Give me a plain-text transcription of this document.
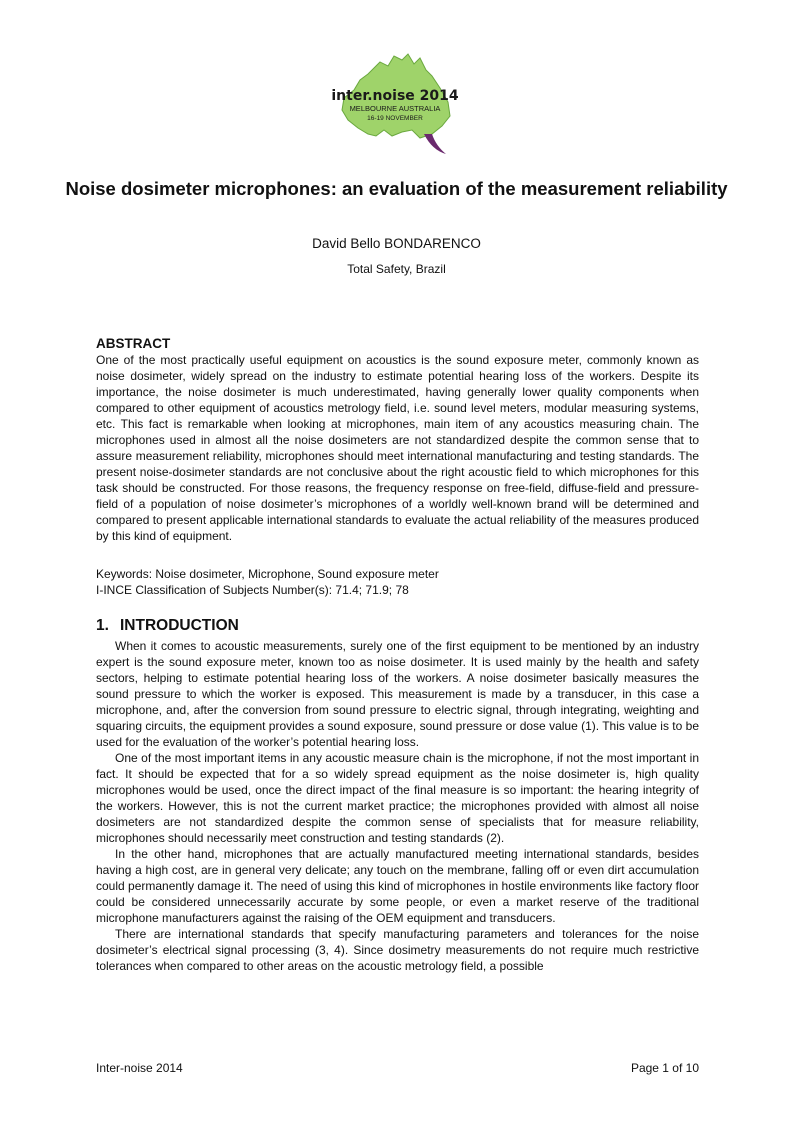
inter.noise 2014
MELBOURNE AUSTRALIA
16-19 NOVEMBER
Noise dosimeter microphones: an evaluation of the measurement reliability
David Bello BONDARENCO
Total Safety, Brazil
ABSTRACT

One of the most practically useful equipment on acoustics is the sound exposure meter, commonly known as noise dosimeter, widely spread on the industry to estimate potential hearing loss of the workers. Despite its importance, the noise dosimeter is much underestimated, having generally lower quality components when compared to other equipment of acoustics metrology field, i.e. sound level meters, modular measuring systems, etc. This fact is remarkable when looking at microphones, main item of any acoustics measuring chain. The microphones used in almost all the noise dosimeters are not standardized despite the common sense that to assure measurement reliability, microphones should meet international manufacturing and testing standards. The present noise-dosimeter standards are not conclusive about the right acoustic field to which microphones for this task should be constructed. For those reasons, the frequency response on free-field, diffuse-field and pressure-field of a population of noise dosimeter’s microphones of a worldly well-known brand will be determined and compared to present applicable international standards to evaluate the actual reliability of the measures produced by this kind of equipment.

Keywords: Noise dosimeter, Microphone, Sound exposure meter

I-INCE Classification of Subjects Number(s): 71.4; 71.9; 78

1. INTRODUCTION

When it comes to acoustic measurements, surely one of the first equipment to be mentioned by an industry expert is the sound exposure meter, known too as noise dosimeter. It is used mainly by the health and safety sectors, helping to estimate potential hearing loss of the workers. A noise dosimeter basically measures the sound pressure to which the worker is exposed. This measurement is made by a transducer, in this case a microphone, and, after the conversion from sound pressure to electric signal, through integrating, weighting and squaring circuits, the equipment provides a sound exposure, sound pressure or dose value (1). This value is to be used for the evaluation of the worker’s potential hearing loss.

One of the most important items in any acoustic measure chain is the microphone, if not the most important in fact. It should be expected that for a so widely spread equipment as the noise dosimeter is, high quality microphones would be used, once the direct impact of the final measure is so important: the hearing integrity of the workers. However, this is not the current market practice; the microphones provided with almost all noise dosimeters are not standardized despite the common sense of specialists that for measure reliability, microphones should necessarily meet construction and testing standards (2).

In the other hand, microphones that are actually manufactured meeting international standards, besides having a high cost, are in general very delicate; any touch on the membrane, falling off or even dirt accumulation could permanently damage it. The need of using this kind of microphones in hostile environments like factory floor could be considered unnecessarily accurate by some people, or even a market reserve of the traditional microphone manufacturers against the raising of the OEM equipment and transducers.

There are international standards that specify manufacturing parameters and tolerances for the noise dosimeter’s electrical signal processing (3, 4). Since dosimetry measurements do not require much restrictive tolerances when compared to other areas on the acoustic metrology field, a possible

Inter-noise 2014	Page 1 of 10
